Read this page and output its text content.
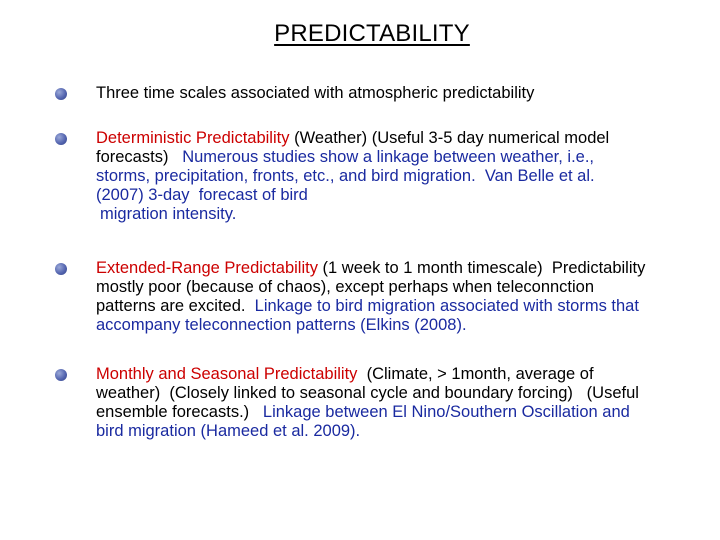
PREDICTABILITY
Three time scales associated with atmospheric predictability
Deterministic Predictability (Weather) (Useful 3-5 day numerical model
forecasts)   Numerous studies show a linkage between weather, i.e.,
storms, precipitation, fronts, etc., and bird migration.  Van Belle et al.
(2007) 3-day  forecast of bird
migration intensity.
Extended-Range Predictability (1 week to 1 month timescale)  Predictability
mostly poor (because of chaos), except perhaps when teleconnction
patterns are excited.  Linkage to bird migration associated with storms that
accompany teleconnection patterns (Elkins (2008).
Monthly and Seasonal Predictability  (Climate, > 1month, average of
weather)  (Closely linked to seasonal cycle and boundary forcing)   (Useful
ensemble forecasts.)   Linkage between El Nino/Southern Oscillation and
bird migration (Hameed et al. 2009).
